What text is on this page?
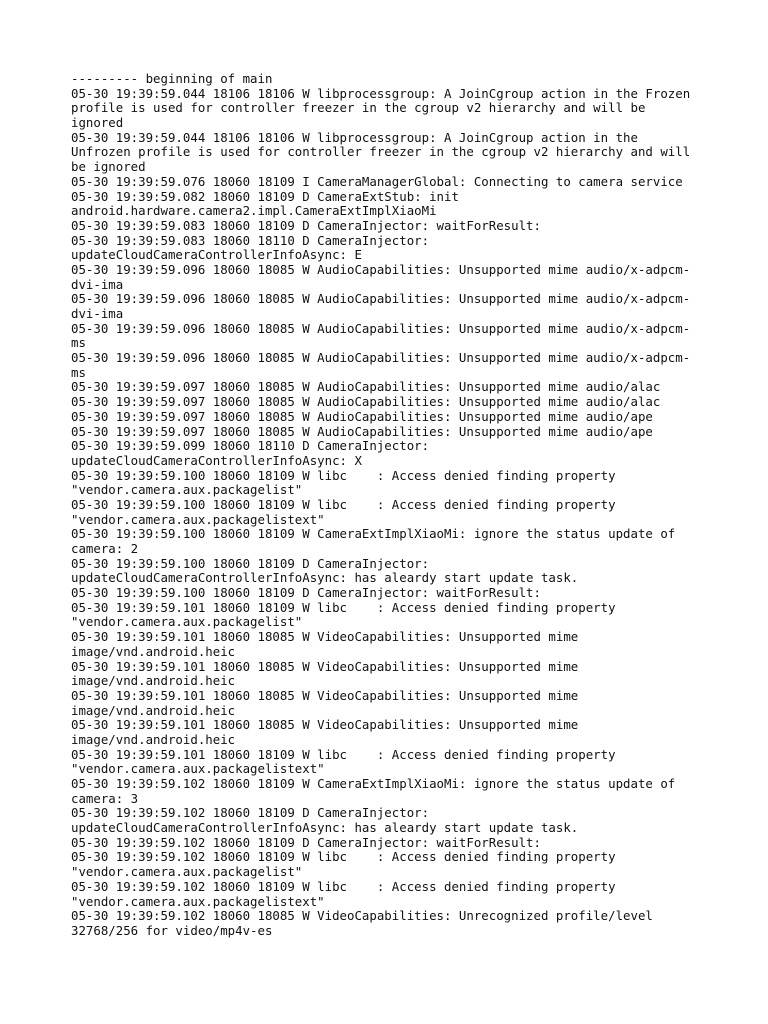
--------- beginning of main
05-30 19:39:59.044 18106 18106 W libprocessgroup: A JoinCgroup action in the Frozen
profile is used for controller freezer in the cgroup v2 hierarchy and will be
ignored
05-30 19:39:59.044 18106 18106 W libprocessgroup: A JoinCgroup action in the
Unfrozen profile is used for controller freezer in the cgroup v2 hierarchy and will
be ignored
05-30 19:39:59.076 18060 18109 I CameraManagerGlobal: Connecting to camera service
05-30 19:39:59.082 18060 18109 D CameraExtStub: init
android.hardware.camera2.impl.CameraExtImplXiaoMi
05-30 19:39:59.083 18060 18109 D CameraInjector: waitForResult:
05-30 19:39:59.083 18060 18110 D CameraInjector:
updateCloudCameraControllerInfoAsync: E
05-30 19:39:59.096 18060 18085 W AudioCapabilities: Unsupported mime audio/x-adpcm-
dvi-ima
05-30 19:39:59.096 18060 18085 W AudioCapabilities: Unsupported mime audio/x-adpcm-
dvi-ima
05-30 19:39:59.096 18060 18085 W AudioCapabilities: Unsupported mime audio/x-adpcm-
ms
05-30 19:39:59.096 18060 18085 W AudioCapabilities: Unsupported mime audio/x-adpcm-
ms
05-30 19:39:59.097 18060 18085 W AudioCapabilities: Unsupported mime audio/alac
05-30 19:39:59.097 18060 18085 W AudioCapabilities: Unsupported mime audio/alac
05-30 19:39:59.097 18060 18085 W AudioCapabilities: Unsupported mime audio/ape
05-30 19:39:59.097 18060 18085 W AudioCapabilities: Unsupported mime audio/ape
05-30 19:39:59.099 18060 18110 D CameraInjector:
updateCloudCameraControllerInfoAsync: X
05-30 19:39:59.100 18060 18109 W libc    : Access denied finding property
"vendor.camera.aux.packagelist"
05-30 19:39:59.100 18060 18109 W libc    : Access denied finding property
"vendor.camera.aux.packagelistext"
05-30 19:39:59.100 18060 18109 W CameraExtImplXiaoMi: ignore the status update of
camera: 2
05-30 19:39:59.100 18060 18109 D CameraInjector:
updateCloudCameraControllerInfoAsync: has aleardy start update task.
05-30 19:39:59.100 18060 18109 D CameraInjector: waitForResult:
05-30 19:39:59.101 18060 18109 W libc    : Access denied finding property
"vendor.camera.aux.packagelist"
05-30 19:39:59.101 18060 18085 W VideoCapabilities: Unsupported mime
image/vnd.android.heic
05-30 19:39:59.101 18060 18085 W VideoCapabilities: Unsupported mime
image/vnd.android.heic
05-30 19:39:59.101 18060 18085 W VideoCapabilities: Unsupported mime
image/vnd.android.heic
05-30 19:39:59.101 18060 18085 W VideoCapabilities: Unsupported mime
image/vnd.android.heic
05-30 19:39:59.101 18060 18109 W libc    : Access denied finding property
"vendor.camera.aux.packagelistext"
05-30 19:39:59.102 18060 18109 W CameraExtImplXiaoMi: ignore the status update of
camera: 3
05-30 19:39:59.102 18060 18109 D CameraInjector:
updateCloudCameraControllerInfoAsync: has aleardy start update task.
05-30 19:39:59.102 18060 18109 D CameraInjector: waitForResult:
05-30 19:39:59.102 18060 18109 W libc    : Access denied finding property
"vendor.camera.aux.packagelist"
05-30 19:39:59.102 18060 18109 W libc    : Access denied finding property
"vendor.camera.aux.packagelistext"
05-30 19:39:59.102 18060 18085 W VideoCapabilities: Unrecognized profile/level
32768/256 for video/mp4v-es
